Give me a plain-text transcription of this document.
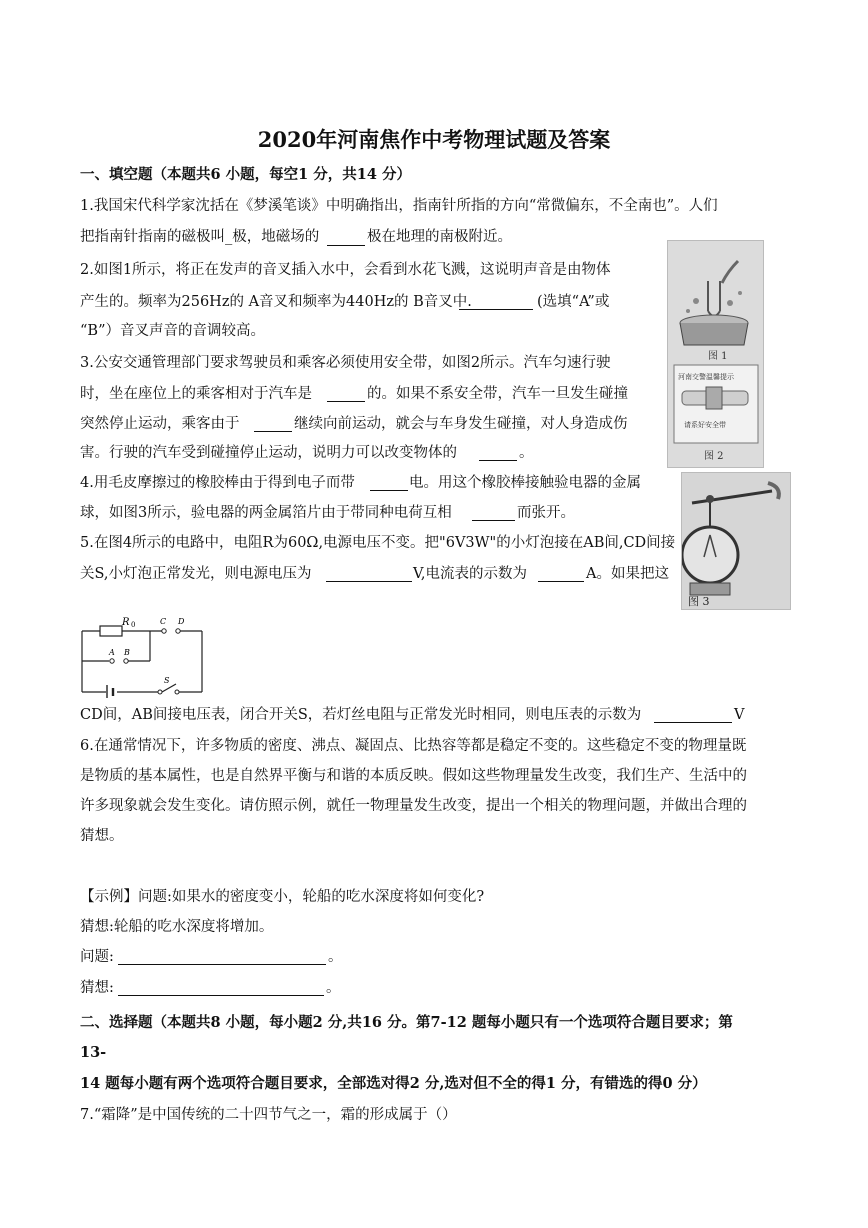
2020年河南焦作中考物理试题及答案
一、填空题（本题共6 小题，每空1 分，共14 分）
1.我国宋代科学家沈括在《梦溪笔谈》中明确指出，指南针所指的方向“常微偏东，不全南也”。人们
把指南针指南的磁极叫_极，地磁场的	极在地理的南极附近。
2.如图1所示，将正在发声的音叉插入水中，会看到水花飞溅，这说明声音是由物体
产生的。频率为256Hz的 A音叉和频率为440Hz的 B音叉中.	(选填“A”或
“B”）音叉声音的音调较高。
3.公安交通管理部门要求驾驶员和乘客必须使用安全带，如图2所示。汽车匀速行驶
时，坐在座位上的乘客相对于汽车是	的。如果不系安全带，汽车一旦发生碰撞
突然停止运动，乘客由于	继续向前运动，就会与车身发生碰撞，对人身造成伤
害。行驶的汽车受到碰撞停止运动，说明力可以改变物体的	。
4.用毛皮摩擦过的橡胶棒由于得到电子而带	电。用这个橡胶棒接触验电器的金属
球，如图3所示，验电器的两金属箔片由于带同种电荷互相	而张开。
5.在图4所示的电路中，电阻R为60Ω,电源电压不变。把"6V3W"的小灯泡接在AB间,CD间接
关S,小灯泡正常发光，则电源电压为	V,电流表的示数为	A。如果把这
R 0	C D
A B
S
CD间，AB间接电压表，闭合开关S，若灯丝电阻与正常发光时相同，则电压表的示数为	V
6.在通常情况下，许多物质的密度、沸点、凝固点、比热容等都是稳定不变的。这些稳定不变的物理量既
是物质的基本属性，也是自然界平衡与和谐的本质反映。假如这些物理量发生改变，我们生产、生活中的
许多现象就会发生变化。请仿照示例，就任一物理量发生改变，提出一个相关的物理问题，并做出合理的
猜想。
【示例】问题:如果水的密度变小，轮船的吃水深度将如何变化?
猜想:轮船的吃水深度将增加。
问题:	。
猜想:	。
二、选择题（本题共8 小题，每小题2 分,共16 分。第7-12 题每小题只有一个选项符合题目要求；第
13-
14 题每小题有两个选项符合题目要求，全部选对得2 分,选对但不全的得1 分，有错选的得0 分）
7.“霜降”是中国传统的二十四节气之一，霜的形成属于（）
图 1
河南交警温馨提示
请系好安全带
图 2
图 3
